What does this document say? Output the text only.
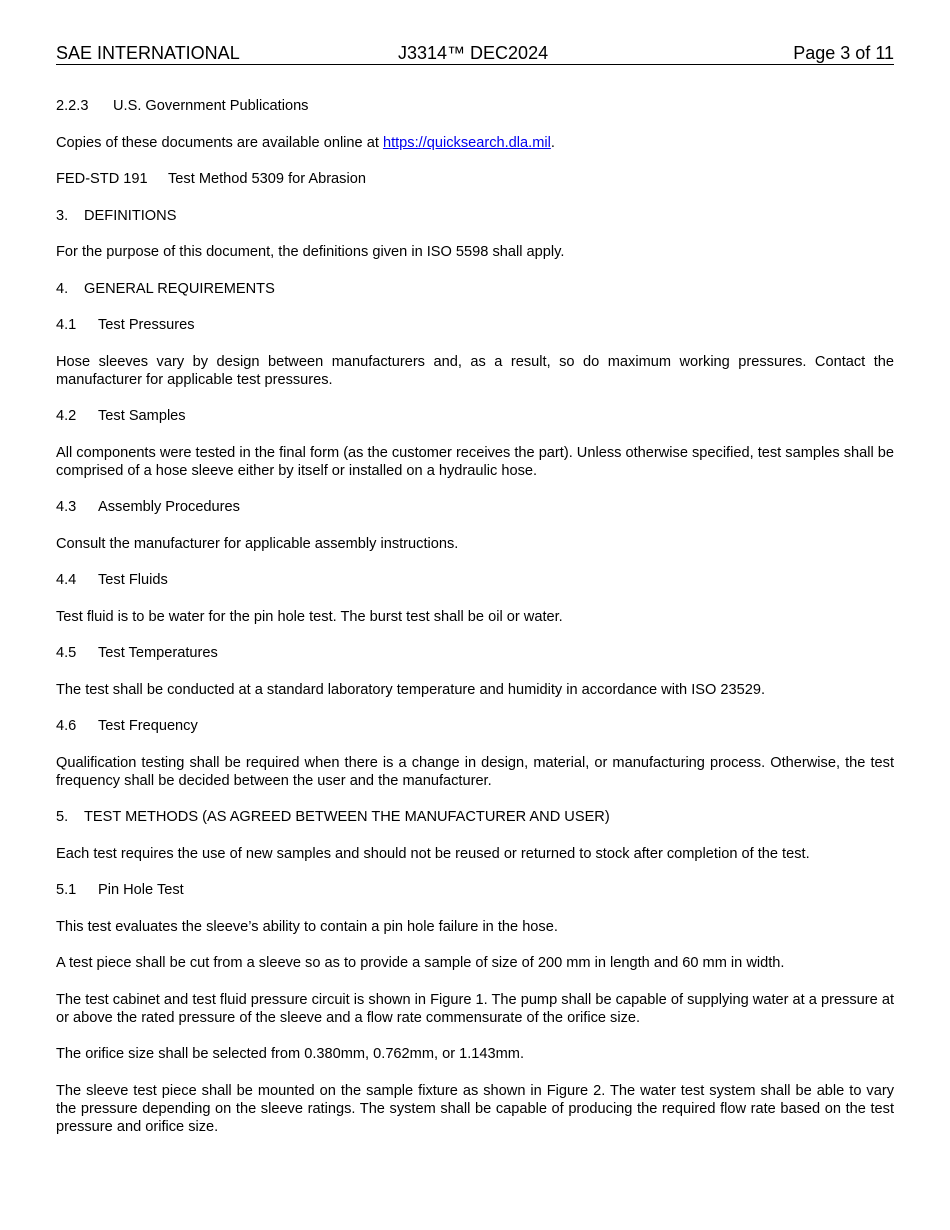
SAE INTERNATIONAL	J3314™ DEC2024	Page 3 of 11

2.2.3 U.S. Government Publications

Copies of these documents are available online at https://quicksearch.dla.mil.

FED-STD 191 Test Method 5309 for Abrasion

3. DEFINITIONS

For the purpose of this document, the definitions given in ISO 5598 shall apply.

4. GENERAL REQUIREMENTS

4.1 Test Pressures

Hose sleeves vary by design between manufacturers and, as a result, so do maximum working pressures. Contact the manufacturer for applicable test pressures.

4.2 Test Samples

All components were tested in the final form (as the customer receives the part). Unless otherwise specified, test samples shall be comprised of a hose sleeve either by itself or installed on a hydraulic hose.

4.3 Assembly Procedures

Consult the manufacturer for applicable assembly instructions.

4.4 Test Fluids

Test fluid is to be water for the pin hole test. The burst test shall be oil or water.

4.5 Test Temperatures

The test shall be conducted at a standard laboratory temperature and humidity in accordance with ISO 23529.

4.6 Test Frequency

Qualification testing shall be required when there is a change in design, material, or manufacturing process. Otherwise, the test frequency shall be decided between the user and the manufacturer.

5. TEST METHODS (AS AGREED BETWEEN THE MANUFACTURER AND USER)

Each test requires the use of new samples and should not be reused or returned to stock after completion of the test.

5.1 Pin Hole Test

This test evaluates the sleeve’s ability to contain a pin hole failure in the hose.

A test piece shall be cut from a sleeve so as to provide a sample of size of 200 mm in length and 60 mm in width.

The test cabinet and test fluid pressure circuit is shown in Figure 1. The pump shall be capable of supplying water at a pressure at or above the rated pressure of the sleeve and a flow rate commensurate of the orifice size.

The orifice size shall be selected from 0.380mm, 0.762mm, or 1.143mm.

The sleeve test piece shall be mounted on the sample fixture as shown in Figure 2. The water test system shall be able to vary the pressure depending on the sleeve ratings. The system shall be capable of producing the required flow rate based on the test pressure and orifice size.
